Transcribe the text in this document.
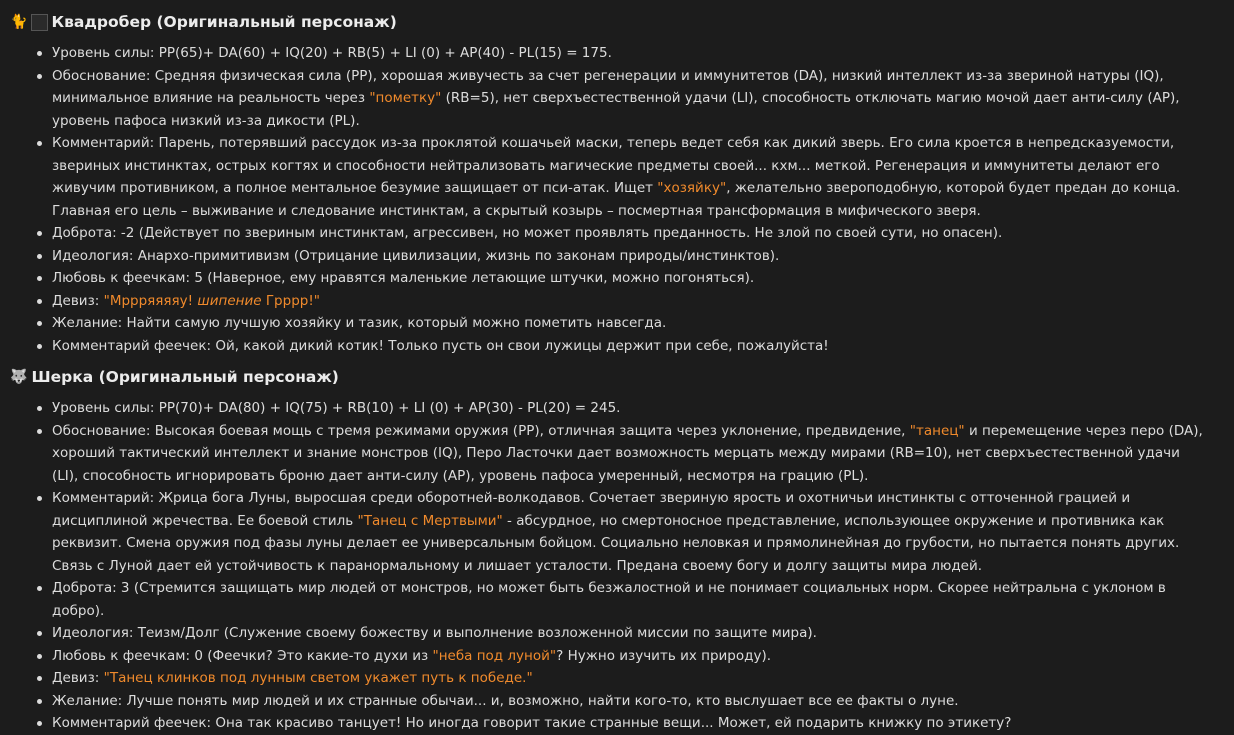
🐈 Квадробер (Оригинальный персонаж)
Уровень силы: PP(65)+ DA(60) + IQ(20) + RB(5) + LI (0) + AP(40) - PL(15) = 175.
Обоснование: Средняя физическая сила (PP), хорошая живучесть за счет регенерации и иммунитетов (DA), низкий интеллект из-за звериной натуры (IQ), минимальное влияние на реальность через "пометку" (RB=5), нет сверхъестественной удачи (LI), способность отключать магию мочой дает анти-силу (AP), уровень пафоса низкий из-за дикости (PL).
Комментарий: Парень, потерявший рассудок из-за проклятой кошачьей маски, теперь ведет себя как дикий зверь. Его сила кроется в непредсказуемости, звериных инстинктах, острых когтях и способности нейтрализовать магические предметы своей... кхм... меткой. Регенерация и иммунитеты делают его живучим противником, а полное ментальное безумие защищает от пси-атак. Ищет "хозяйку", желательно звероподобную, которой будет предан до конца. Главная его цель – выживание и следование инстинктам, а скрытый козырь – посмертная трансформация в мифического зверя.
Доброта: -2 (Действует по звериным инстинктам, агрессивен, но может проявлять преданность. Не злой по своей сути, но опасен).
Идеология: Анархо-примитивизм (Отрицание цивилизации, жизнь по законам природы/инстинктов).
Любовь к феечкам: 5 (Наверное, ему нравятся маленькие летающие штучки, можно погоняться).
Девиз: "Мррряяяяу! шипение Грррр!"
Желание: Найти самую лучшую хозяйку и тазик, который можно пометить навсегда.
Комментарий феечек: Ой, какой дикий котик! Только пусть он свои лужицы держит при себе, пожалуйста!
🐺 Шерка (Оригинальный персонаж)
Уровень силы: PP(70)+ DA(80) + IQ(75) + RB(10) + LI (0) + AP(30) - PL(20) = 245.
Обоснование: Высокая боевая мощь с тремя режимами оружия (PP), отличная защита через уклонение, предвидение, "танец" и перемещение через перо (DA), хороший тактический интеллект и знание монстров (IQ), Перо Ласточки дает возможность мерцать между мирами (RB=10), нет сверхъестественной удачи (LI), способность игнорировать броню дает анти-силу (AP), уровень пафоса умеренный, несмотря на грацию (PL).
Комментарий: Жрица бога Луны, выросшая среди оборотней-волкодавов. Сочетает звериную ярость и охотничьи инстинкты с отточенной грацией и дисциплиной жречества. Ее боевой стиль "Танец с Мертвыми" - абсурдное, но смертоносное представление, использующее окружение и противника как реквизит. Смена оружия под фазы луны делает ее универсальным бойцом. Социально неловкая и прямолинейная до грубости, но пытается понять других. Связь с Луной дает ей устойчивость к паранормальному и лишает усталости. Предана своему богу и долгу защиты мира людей.
Доброта: 3 (Стремится защищать мир людей от монстров, но может быть безжалостной и не понимает социальных норм. Скорее нейтральна с уклоном в добро).
Идеология: Теизм/Долг (Служение своему божеству и выполнение возложенной миссии по защите мира).
Любовь к феечкам: 0 (Феечки? Это какие-то духи из "неба под луной"? Нужно изучить их природу).
Девиз: "Танец клинков под лунным светом укажет путь к победе."
Желание: Лучше понять мир людей и их странные обычаи... и, возможно, найти кого-то, кто выслушает все ее факты о луне.
Комментарий феечек: Она так красиво танцует! Но иногда говорит такие странные вещи... Может, ей подарить книжку по этикету?
